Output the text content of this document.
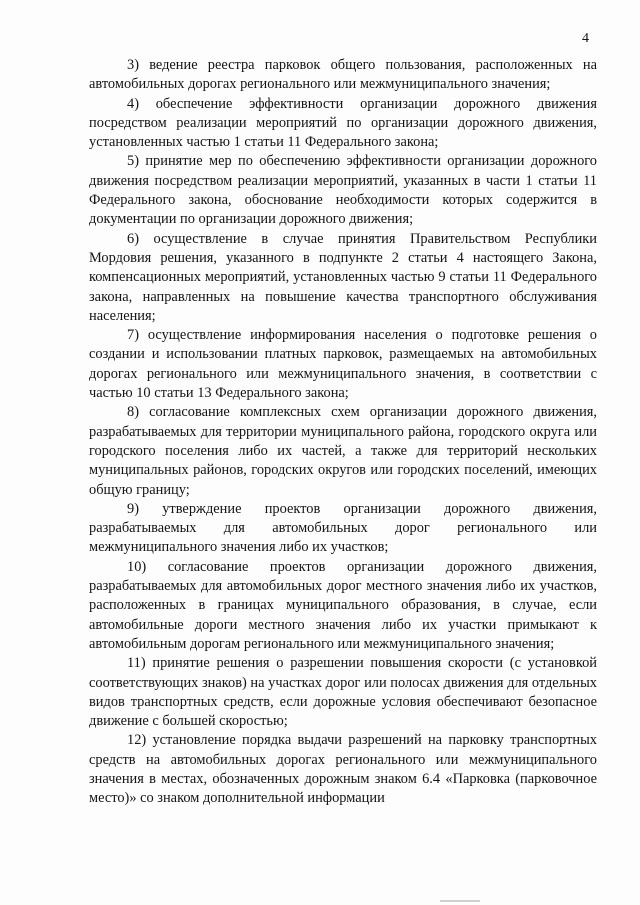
4

3) ведение реестра парковок общего пользования, расположенных на автомобильных дорогах регионального или межмуниципального значения;

4) обеспечение эффективности организации дорожного движения посредством реализации мероприятий по организации дорожного движения, установленных частью 1 статьи 11 Федерального закона;

5) принятие мер по обеспечению эффективности организации дорожного движения посредством реализации мероприятий, указанных в части 1 статьи 11 Федерального закона, обоснование необходимости которых содержится в документации по организации дорожного движения;

6) осуществление в случае принятия Правительством Республики Мордовия решения, указанного в подпункте 2 статьи 4 настоящего Закона, компенсационных мероприятий, установленных частью 9 статьи 11 Федерального закона, направленных на повышение качества транспортного обслуживания населения;

7) осуществление информирования населения о подготовке решения о создании и использовании платных парковок, размещаемых на автомобильных дорогах регионального или межмуниципального значения, в соответствии с частью 10 статьи 13 Федерального закона;

8) согласование комплексных схем организации дорожного движения, разрабатываемых для территории муниципального района, городского округа или городского поселения либо их частей, а также для территорий нескольких муниципальных районов, городских округов или городских поселений, имеющих общую границу;

9) утверждение проектов организации дорожного движения, разрабатываемых для автомобильных дорог регионального или межмуниципального значения либо их участков;

10) согласование проектов организации дорожного движения, разрабатываемых для автомобильных дорог местного значения либо их участков, расположенных в границах муниципального образования, в случае, если автомобильные дороги местного значения либо их участки примыкают к автомобильным дорогам регионального или межмуниципального значения;

11) принятие решения о разрешении повышения скорости (с установкой соответствующих знаков) на участках дорог или полосах движения для отдельных видов транспортных средств, если дорожные условия обеспечивают безопасное движение с большей скоростью;

12) установление порядка выдачи разрешений на парковку транспортных средств на автомобильных дорогах регионального или межмуниципального значения в местах, обозначенных дорожным знаком 6.4 «Парковка (парковочное место)» со знаком дополнительной информации
